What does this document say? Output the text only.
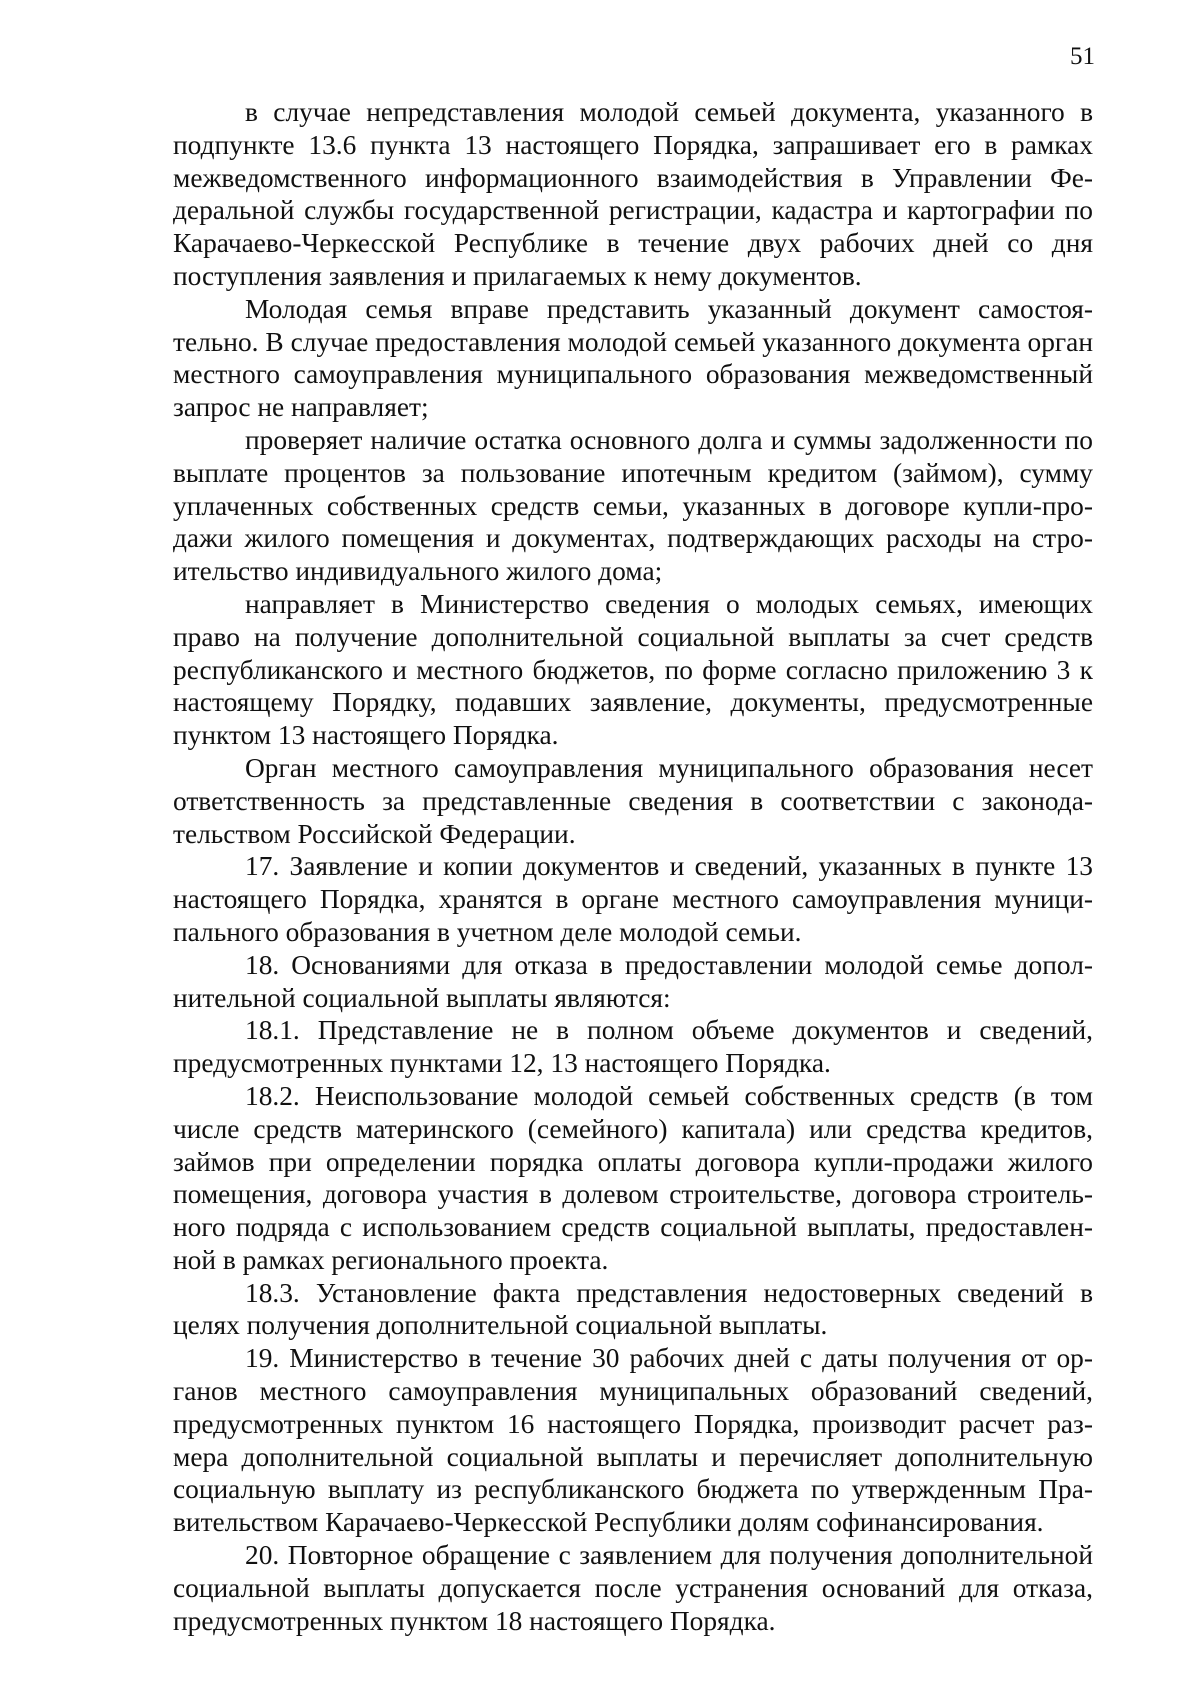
51

в случае непредставления молодой семьей документа, указанного в подпункте 13.6 пункта 13 настоящего Порядка, запрашивает его в рамках межведомственного информационного взаимодействия в Управлении Федеральной службы государственной регистрации, кадастра и картографии по Карачаево-Черкесской Республике в течение двух рабочих дней со дня поступления заявления и прилагаемых к нему документов.

Молодая семья вправе представить указанный документ самостоятельно. В случае предоставления молодой семьей указанного документа орган местного самоуправления муниципального образования межведомственный запрос не направляет;

проверяет наличие остатка основного долга и суммы задолженности по выплате процентов за пользование ипотечным кредитом (займом), сумму уплаченных собственных средств семьи, указанных в договоре купли-продажи жилого помещения и документах, подтверждающих расходы на строительство индивидуального жилого дома;

направляет в Министерство сведения о молодых семьях, имеющих право на получение дополнительной социальной выплаты за счет средств республиканского и местного бюджетов, по форме согласно приложению 3 к настоящему Порядку, подавших заявление, документы, предусмотренные пунктом 13 настоящего Порядка.

Орган местного самоуправления муниципального образования несет ответственность за представленные сведения в соответствии с законодательством Российской Федерации.

17. Заявление и копии документов и сведений, указанных в пункте 13 настоящего Порядка, хранятся в органе местного самоуправления муниципального образования в учетном деле молодой семьи.

18. Основаниями для отказа в предоставлении молодой семье дополнительной социальной выплаты являются:

18.1. Представление не в полном объеме документов и сведений, предусмотренных пунктами 12, 13 настоящего Порядка.

18.2. Неиспользование молодой семьей собственных средств (в том числе средств материнского (семейного) капитала) или средства кредитов, займов при определении порядка оплаты договора купли-продажи жилого помещения, договора участия в долевом строительстве, договора строительного подряда с использованием средств социальной выплаты, предоставленной в рамках регионального проекта.

18.3. Установление факта представления недостоверных сведений в целях получения дополнительной социальной выплаты.

19. Министерство в течение 30 рабочих дней с даты получения от органов местного самоуправления муниципальных образований сведений, предусмотренных пунктом 16 настоящего Порядка, производит расчет размера дополнительной социальной выплаты и перечисляет дополнительную социальную выплату из республиканского бюджета по утвержденным Правительством Карачаево-Черкесской Республики долям софинансирования.

20. Повторное обращение с заявлением для получения дополнительной социальной выплаты допускается после устранения оснований для отказа, предусмотренных пунктом 18 настоящего Порядка.
